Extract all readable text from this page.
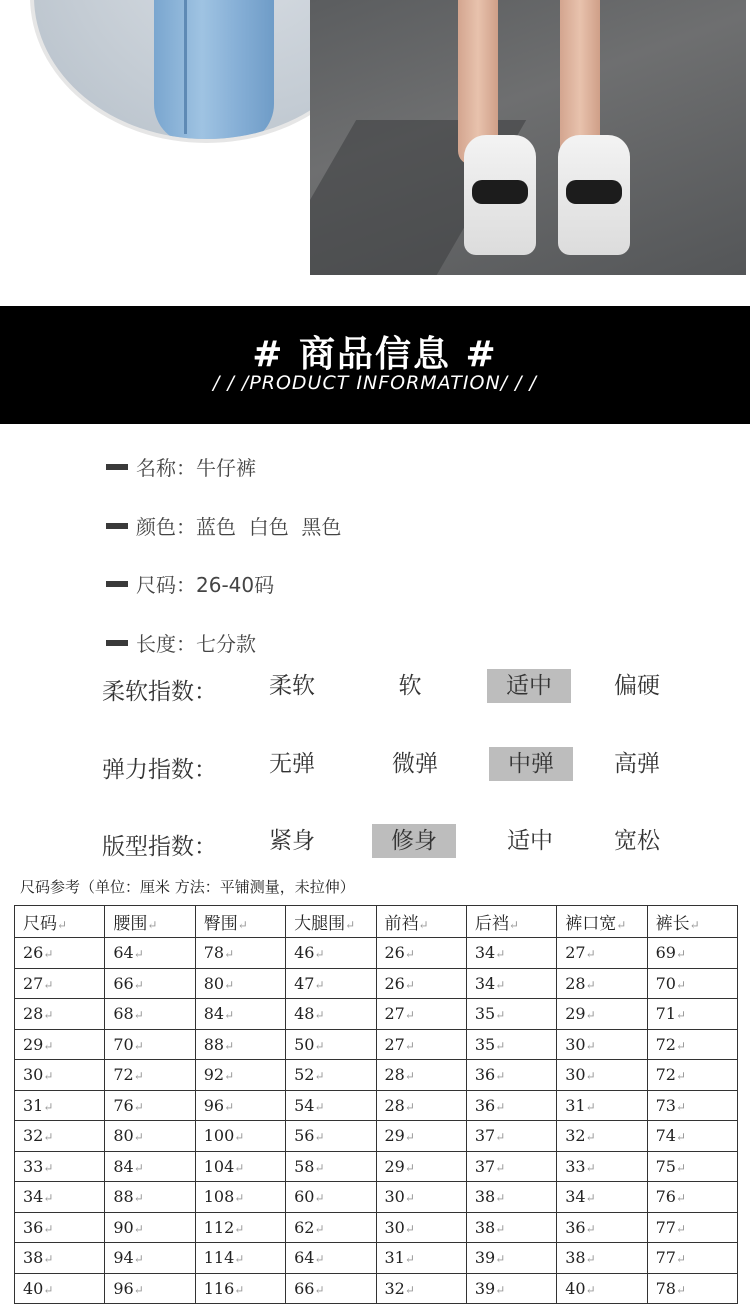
# 商品信息 #
/ / /PRODUCT INFORMATION/ / /
名称 ： 牛仔裤
颜色 ： 蓝色  白色  黑色
尺码 ： 26-40码
长度 ： 七分款
柔软指数：	柔软	软	适中	偏硬
弹力指数：	无弹	微弹	中弹	高弹
版型指数：	紧身	修身	适中	宽松
尺码参考（单位：厘米 方法：平铺测量，未拉伸）
尺码↵	腰围↵	臀围↵	大腿围↵	前裆↵	后裆↵	裤口宽↵	裤长↵
26↵	64↵	78↵	46↵	26↵	34↵	27↵	69↵
27↵	66↵	80↵	47↵	26↵	34↵	28↵	70↵
28↵	68↵	84↵	48↵	27↵	35↵	29↵	71↵
29↵	70↵	88↵	50↵	27↵	35↵	30↵	72↵
30↵	72↵	92↵	52↵	28↵	36↵	30↵	72↵
31↵	76↵	96↵	54↵	28↵	36↵	31↵	73↵
32↵	80↵	100↵	56↵	29↵	37↵	32↵	74↵
33↵	84↵	104↵	58↵	29↵	37↵	33↵	75↵
34↵	88↵	108↵	60↵	30↵	38↵	34↵	76↵
36↵	90↵	112↵	62↵	30↵	38↵	36↵	77↵
38↵	94↵	114↵	64↵	31↵	39↵	38↵	77↵
40↵	96↵	116↵	66↵	32↵	39↵	40↵	78↵
